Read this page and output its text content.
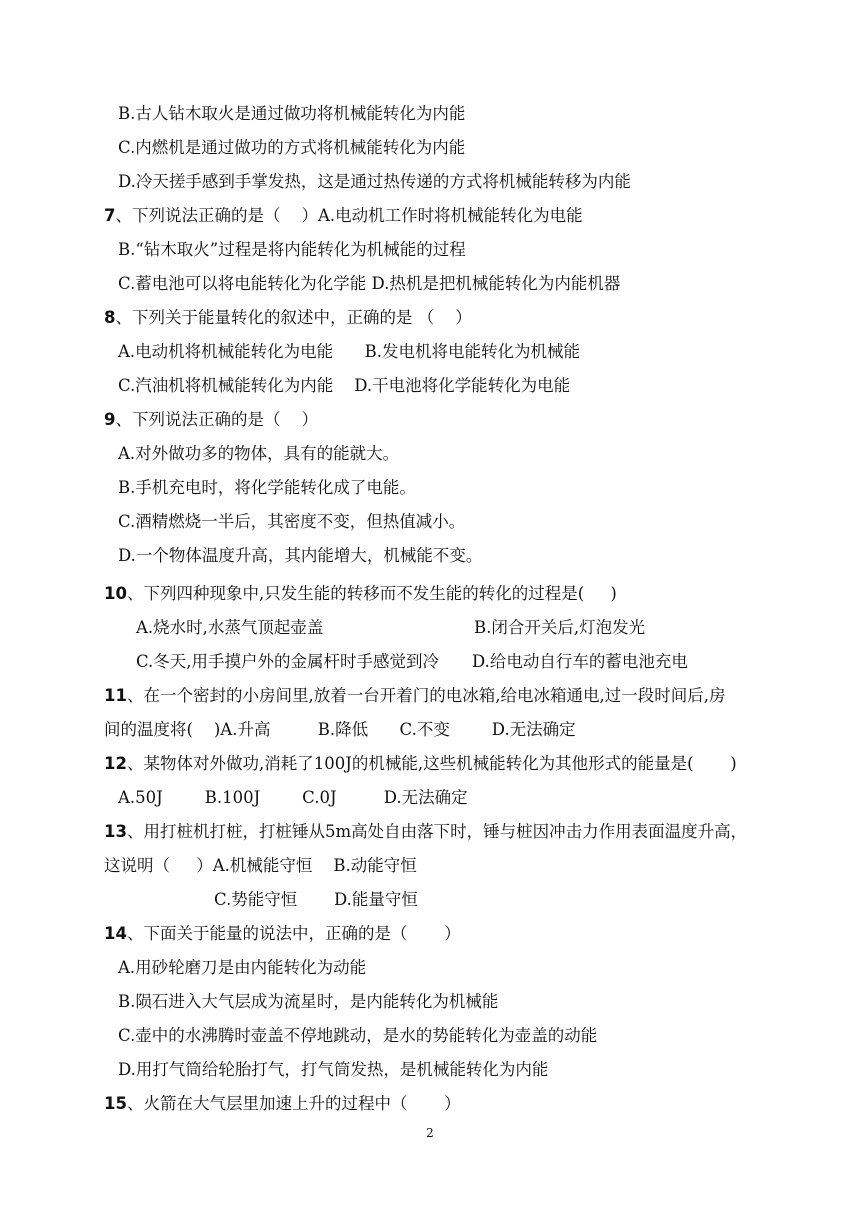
B.古人钻木取火是通过做功将机械能转化为内能
C.内燃机是通过做功的方式将机械能转化为内能
D.冷天搓手感到手掌发热，这是通过热传递的方式将机械能转移为内能
7、下列说法正确的是（    ）A.电动机工作时将机械能转化为电能
B.“钻木取火”过程是将内能转化为机械能的过程
C.蓄电池可以将电能转化为化学能 D.热机是把机械能转化为内能机器
8、下列关于能量转化的叙述中，正确的是 （    ）
A.电动机将机械能转化为电能      B.发电机将电能转化为机械能
C.汽油机将机械能转化为内能    D.干电池将化学能转化为电能
9、下列说法正确的是（    ）
A.对外做功多的物体，具有的能就大。
B.手机充电时，将化学能转化成了电能。
C.酒精燃烧一半后，其密度不变，但热值减小。
D.一个物体温度升高，其内能增大，机械能不变。
10、下列四种现象中,只发生能的转移而不发生能的转化的过程是(     )
A.烧水时,水蒸气顶起壶盖	B.闭合开关后,灯泡发光
C.冬天,用手摸户外的金属杆时手感觉到冷 D.给电动自行车的蓄电池充电
11、在一个密封的小房间里,放着一台开着门的电冰箱,给电冰箱通电,过一段时间后,房
间的温度将(    )A.升高         B.降低      C.不变        D.无法确定
12、某物体对外做功,消耗了100J的机械能,这些机械能转化为其他形式的能量是(       )
A.50J        B.100J        C.0J         D.无法确定
13、用打桩机打桩，打桩锤从5m高处自由落下时，锤与桩因冲击力作用表面温度升高，
这说明（     ）A.机械能守恒    B.动能守恒
C.势能守恒       D.能量守恒
14、下面关于能量的说法中，正确的是（       ）
A.用砂轮磨刀是由内能转化为动能
B.陨石进入大气层成为流星时，是内能转化为机械能
C.壶中的水沸腾时壶盖不停地跳动，是水的势能转化为壶盖的动能
D.用打气筒给轮胎打气，打气筒发热，是机械能转化为内能
15、火箭在大气层里加速上升的过程中（       ）
2
